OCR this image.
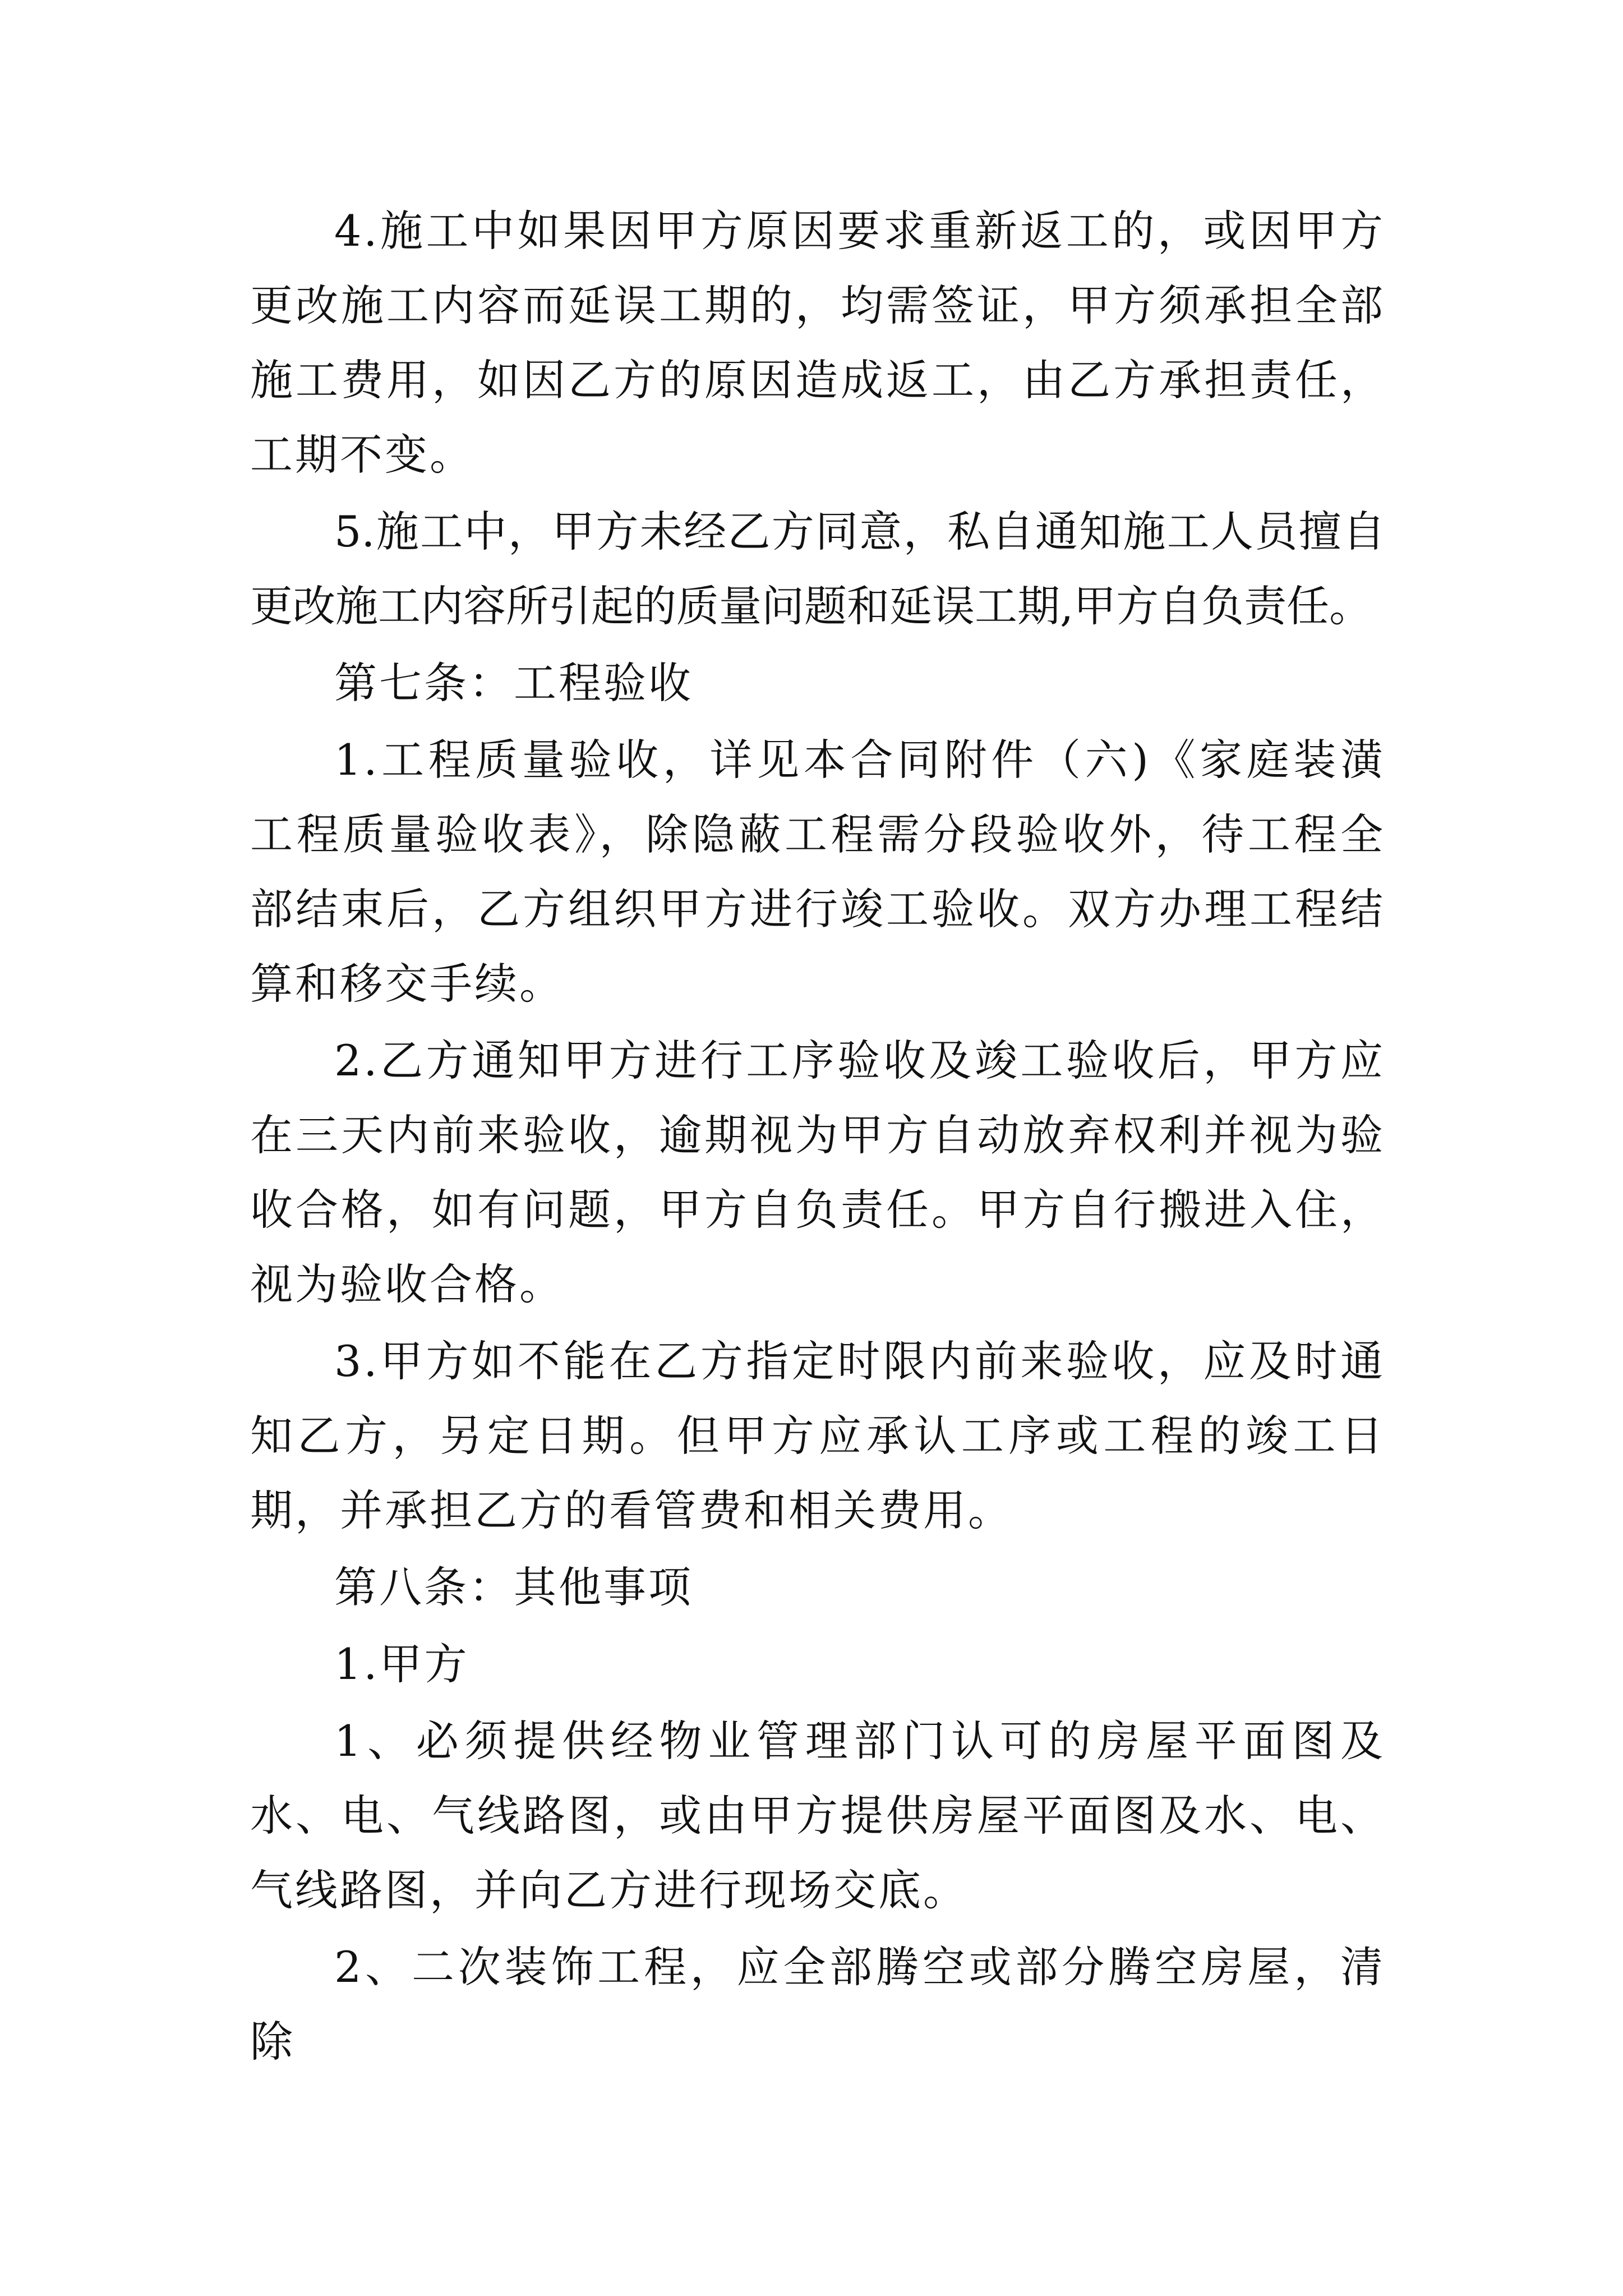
4.施工中如果因甲方原因要求重新返工的，或因甲方更改施工内容而延误工期的，均需签证，甲方须承担全部施工费用，如因乙方的原因造成返工，由乙方承担责任，工期不变。

5.施工中，甲方未经乙方同意，私自通知施工人员擅自更改施工内容所引起的质量问题和延误工期,甲方自负责任。

第七条：工程验收

1.工程质量验收，详见本合同附件（六)《家庭装潢工程质量验收表》，除隐蔽工程需分段验收外，待工程全部结束后，乙方组织甲方进行竣工验收。双方办理工程结算和移交手续。

2.乙方通知甲方进行工序验收及竣工验收后，甲方应在三天内前来验收，逾期视为甲方自动放弃权利并视为验收合格，如有问题，甲方自负责任。甲方自行搬进入住，视为验收合格。

3.甲方如不能在乙方指定时限内前来验收，应及时通知乙方，另定日期。但甲方应承认工序或工程的竣工日期，并承担乙方的看管费和相关费用。

第八条：其他事项

1.甲方

1、必须提供经物业管理部门认可的房屋平面图及水、电、气线路图，或由甲方提供房屋平面图及水、电、气线路图，并向乙方进行现场交底。

2、二次装饰工程，应全部腾空或部分腾空房屋，清除
